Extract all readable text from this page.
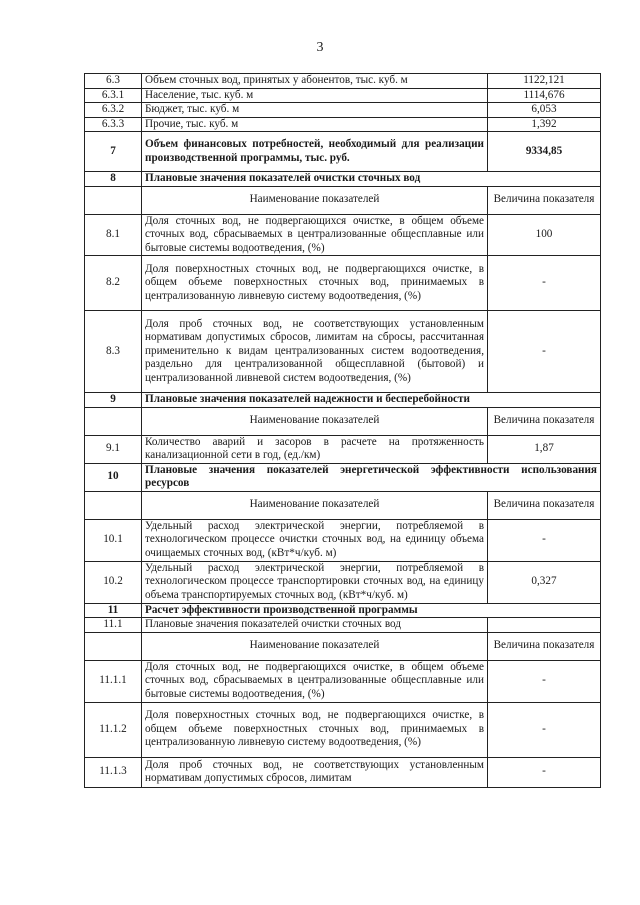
3
6.3	Объем сточных вод, принятых у абонентов, тыс. куб. м	1122,121
6.3.1	Население, тыс. куб. м	1114,676
6.3.2	Бюджет, тыс. куб. м	6,053
6.3.3	Прочие, тыс. куб. м	1,392
7	Объем финансовых потребностей, необходимый для реализации производственной программы, тыс. руб.	9334,85
8	Плановые значения показателей очистки сточных вод	
	Наименование показателей	Величина показателя
8.1	Доля сточных вод, не подвергающихся очистке, в общем объеме сточных вод, сбрасываемых в централизованные общесплавные или бытовые системы водоотведения, (%)	100
8.2	Доля поверхностных сточных вод, не подвергающихся очистке, в общем объеме поверхностных сточных вод, принимаемых в централизованную ливневую систему водоотведения, (%)	-
8.3	Доля проб сточных вод, не соответствующих установленным нормативам допустимых сбросов, лимитам на сбросы, рассчитанная применительно к видам централизованных систем водоотведения, раздельно для централизованной общесплавной (бытовой) и централизованной ливневой систем водоотведения, (%)	-
9	Плановые значения показателей надежности и бесперебойности	
	Наименование показателей	Величина показателя
9.1	Количество аварий и засоров в расчете на протяженность канализационной сети в год, (ед./км)	1,87
10	Плановые значения показателей энергетической эффективности использования ресурсов	
	Наименование показателей	Величина показателя
10.1	Удельный расход электрической энергии, потребляемой в технологическом процессе очистки сточных вод, на единицу объема очищаемых сточных вод, (кВт*ч/куб. м)	-
10.2	Удельный расход электрической энергии, потребляемой в технологическом процессе транспортировки сточных вод, на единицу объема транспортируемых сточных вод, (кВт*ч/куб. м)	0,327
11	Расчет эффективности производственной программы	
11.1	Плановые значения показателей очистки сточных вод	
	Наименование показателей	Величина показателя
11.1.1	Доля сточных вод, не подвергающихся очистке, в общем объеме сточных вод, сбрасываемых в централизованные общесплавные или бытовые системы водоотведения, (%)	-
11.1.2	Доля поверхностных сточных вод, не подвергающихся очистке, в общем объеме поверхностных сточных вод, принимаемых в централизованную ливневую систему водоотведения, (%)	-
11.1.3	Доля проб сточных вод, не соответствующих установленным нормативам допустимых сбросов, лимитам	-
